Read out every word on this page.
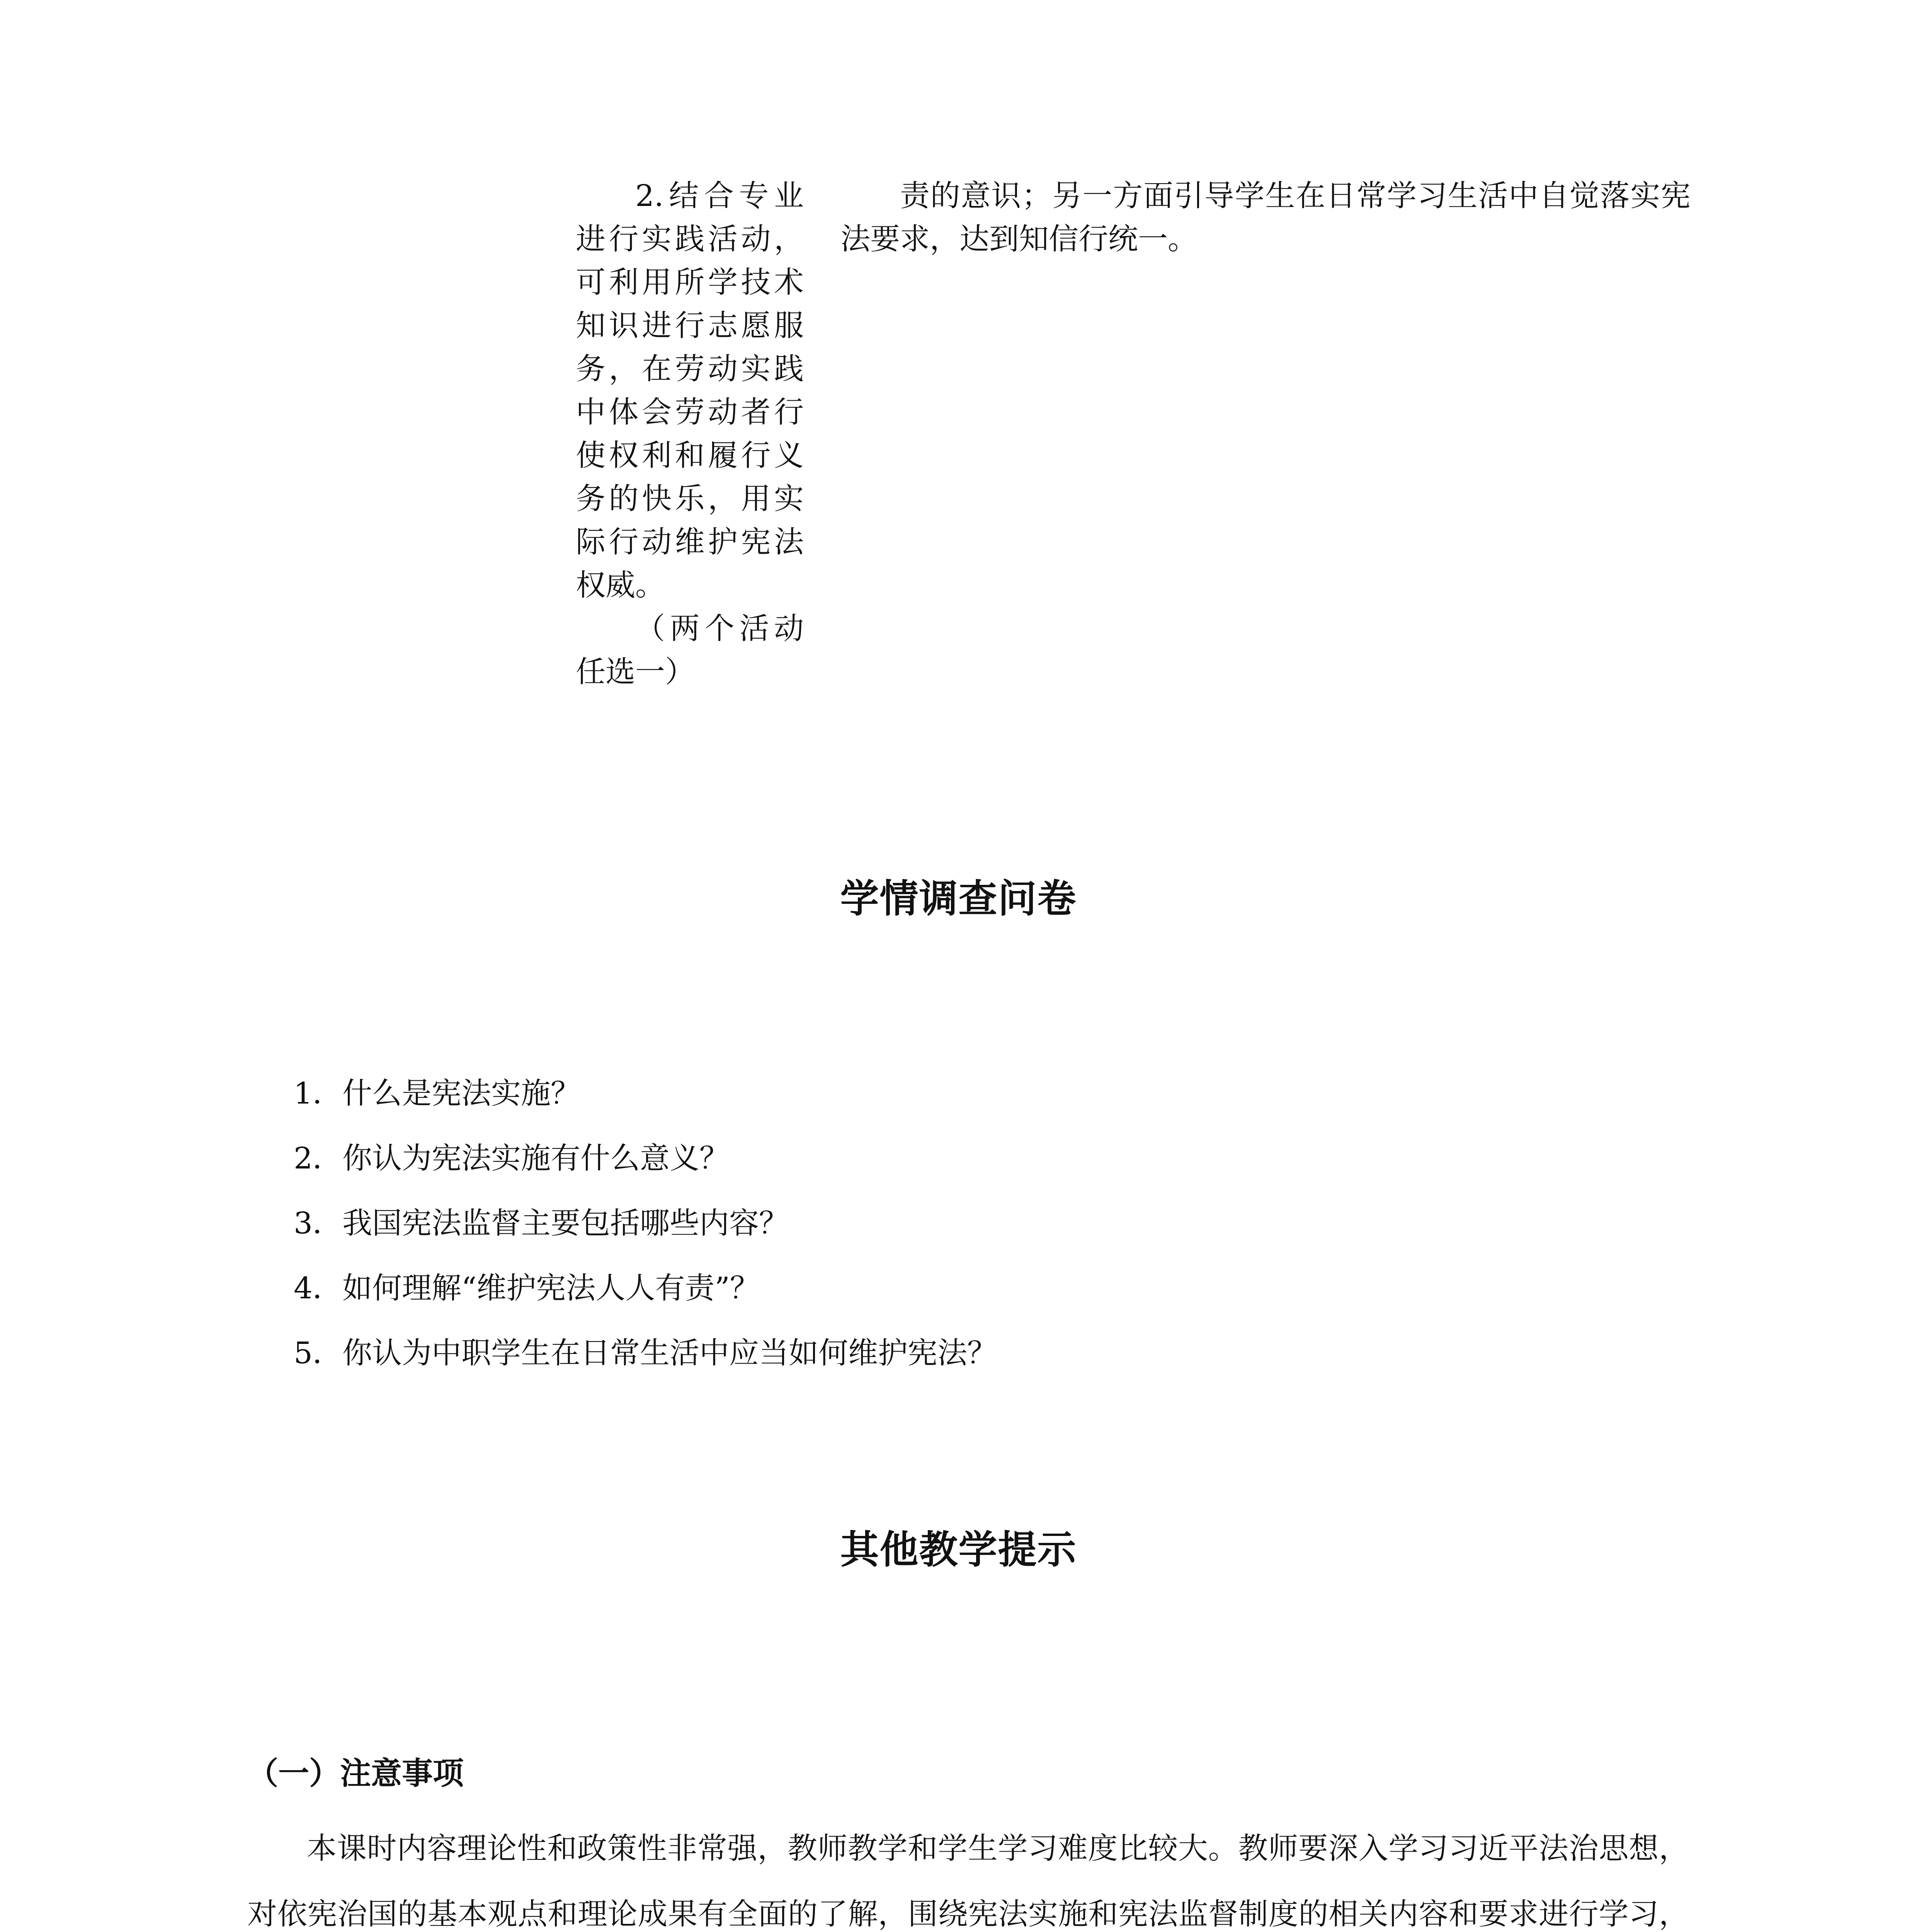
2.结合专业进行实践活动，可利用所学技术知识进行志愿服务，在劳动实践中体会劳动者行使权利和履行义务的快乐，用实际行动维护宪法权威。

（两个活动任选一）

责的意识；另一方面引导学生在日常学习生活中自觉落实宪法要求，达到知信行统一。

学情调查问卷
1．什么是宪法实施？
2．你认为宪法实施有什么意义？
3．我国宪法监督主要包括哪些内容？
4．如何理解“维护宪法人人有责”？
5．你认为中职学生在日常生活中应当如何维护宪法？
其他教学提示
（一）注意事项

本课时内容理论性和政策性非常强，教师教学和学生学习难度比较大。教师要深入学习习近平法治思想，对依宪治国的基本观点和理论成果有全面的了解，围绕宪法实施和宪法监督制度的相关内容和要求进行学习，
